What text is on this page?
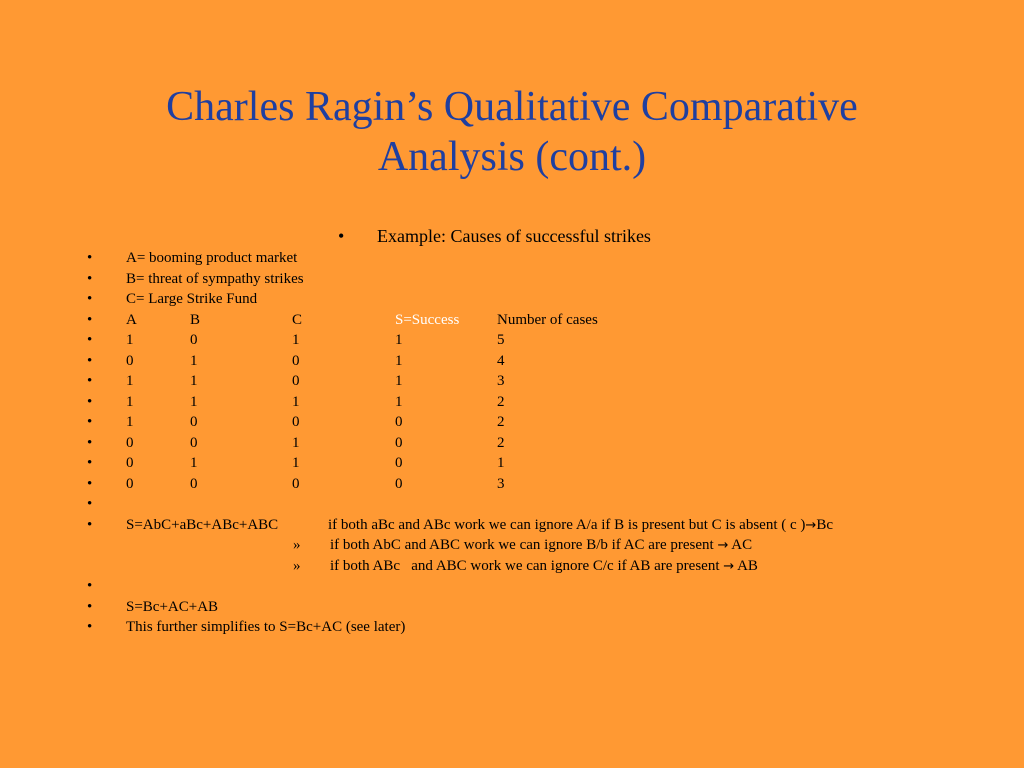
Charles Ragin’s Qualitative Comparative
Analysis (cont.)
• Example: Causes of successful strikes
• A= booming product market
• B= threat of sympathy strikes
• C= Large Strike Fund
• A	B	C	S=Success	Number of cases
• 1	0	1	1	5
• 0	1	0	1	4
• 1	1	0	1	3
• 1	1	1	1	2
• 1	0	0	0	2
• 0	0	1	0	2
• 0	1	1	0	1
• 0	0	0	0	3
•
• S=AbC+aBc+ABc+ABC	if both aBc and ABc work we can ignore A/a if B is present but C is absent ( c )→Bc
» if both AbC and ABC work we can ignore B/b if AC are present → AC
» if both ABc   and ABC work we can ignore C/c if AB are present → AB
•
• S=Bc+AC+AB
• This further simplifies to S=Bc+AC (see later)
